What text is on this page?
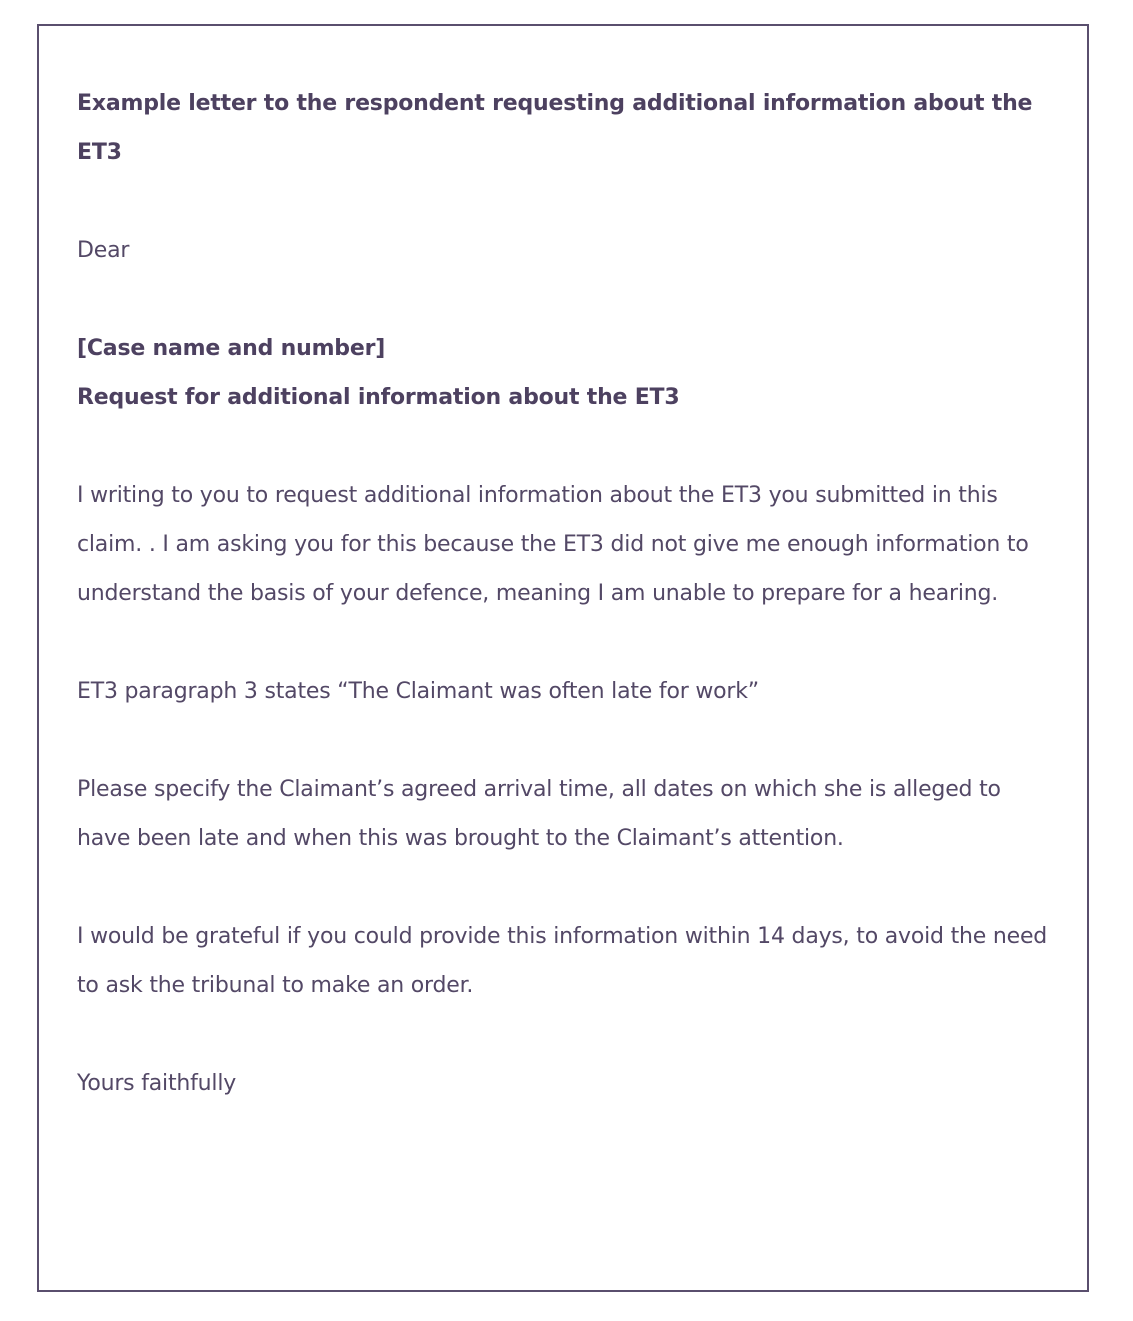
Example letter to the respondent requesting additional information about the ET3

Dear

[Case name and number]

Request for additional information about the ET3

I writing to you to request additional information about the ET3 you submitted in this claim. . I am asking you for this because the ET3 did not give me enough information to understand the basis of your defence, meaning I am unable to prepare for a hearing.

ET3 paragraph 3 states “The Claimant was often late for work”

Please specify the Claimant’s agreed arrival time, all dates on which she is alleged to have been late and when this was brought to the Claimant’s attention.

I would be grateful if you could provide this information within 14 days, to avoid the need to ask the tribunal to make an order.

Yours faithfully
